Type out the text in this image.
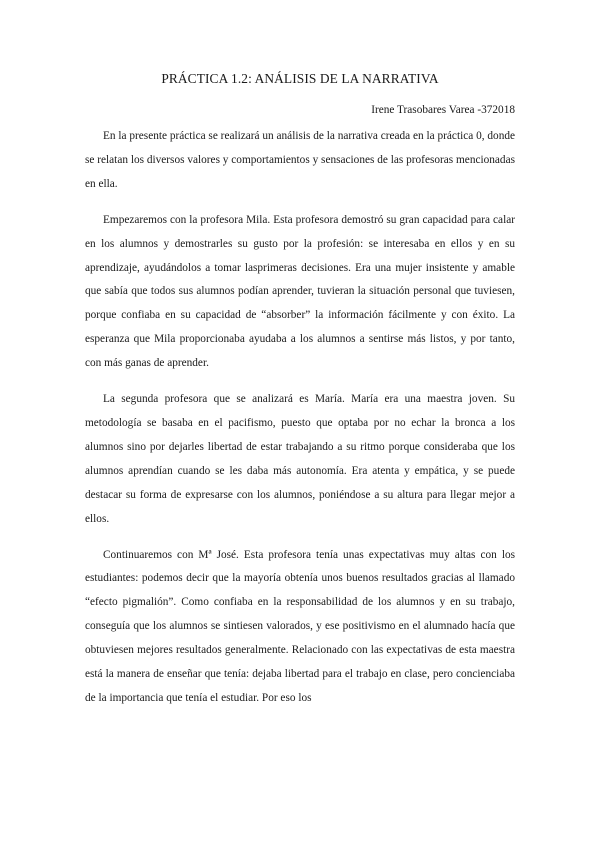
PRÁCTICA 1.2: ANÁLISIS DE LA NARRATIVA

Irene Trasobares Varea -372018

En la presente práctica se realizará un análisis de la narrativa creada en la práctica 0, donde se relatan los diversos valores y comportamientos y sensaciones de las profesoras mencionadas en ella.

Empezaremos con la profesora Mila. Esta profesora demostró su gran capacidad para calar en los alumnos y demostrarles su gusto por la profesión: se interesaba en ellos y en su aprendizaje, ayudándolos a tomar lasprimeras decisiones. Era una mujer insistente y amable que sabía que todos sus alumnos podían aprender, tuvieran la situación personal que tuviesen, porque confiaba en su capacidad de “absorber” la información fácilmente y con éxito. La esperanza que Mila proporcionaba ayudaba a los alumnos a sentirse más listos, y por tanto, con más ganas de aprender.

La segunda profesora que se analizará es María. María era una maestra joven. Su metodología se basaba en el pacifismo, puesto que optaba por no echar la bronca a los alumnos sino por dejarles libertad de estar trabajando a su ritmo porque consideraba que los alumnos aprendían cuando se les daba más autonomía. Era atenta y empática, y se puede destacar su forma de expresarse con los alumnos, poniéndose a su altura para llegar mejor a ellos.

Continuaremos con Mª José. Esta profesora tenía unas expectativas muy altas con los estudiantes: podemos decir que la mayoría obtenía unos buenos resultados gracias al llamado “efecto pigmalión”. Como confiaba en la responsabilidad de los alumnos y en su trabajo, conseguía que los alumnos se sintiesen valorados, y ese positivismo en el alumnado hacía que obtuviesen mejores resultados generalmente. Relacionado con las expectativas de esta maestra está la manera de enseñar que tenía: dejaba libertad para el trabajo en clase, pero concienciaba de la importancia que tenía el estudiar. Por eso los
